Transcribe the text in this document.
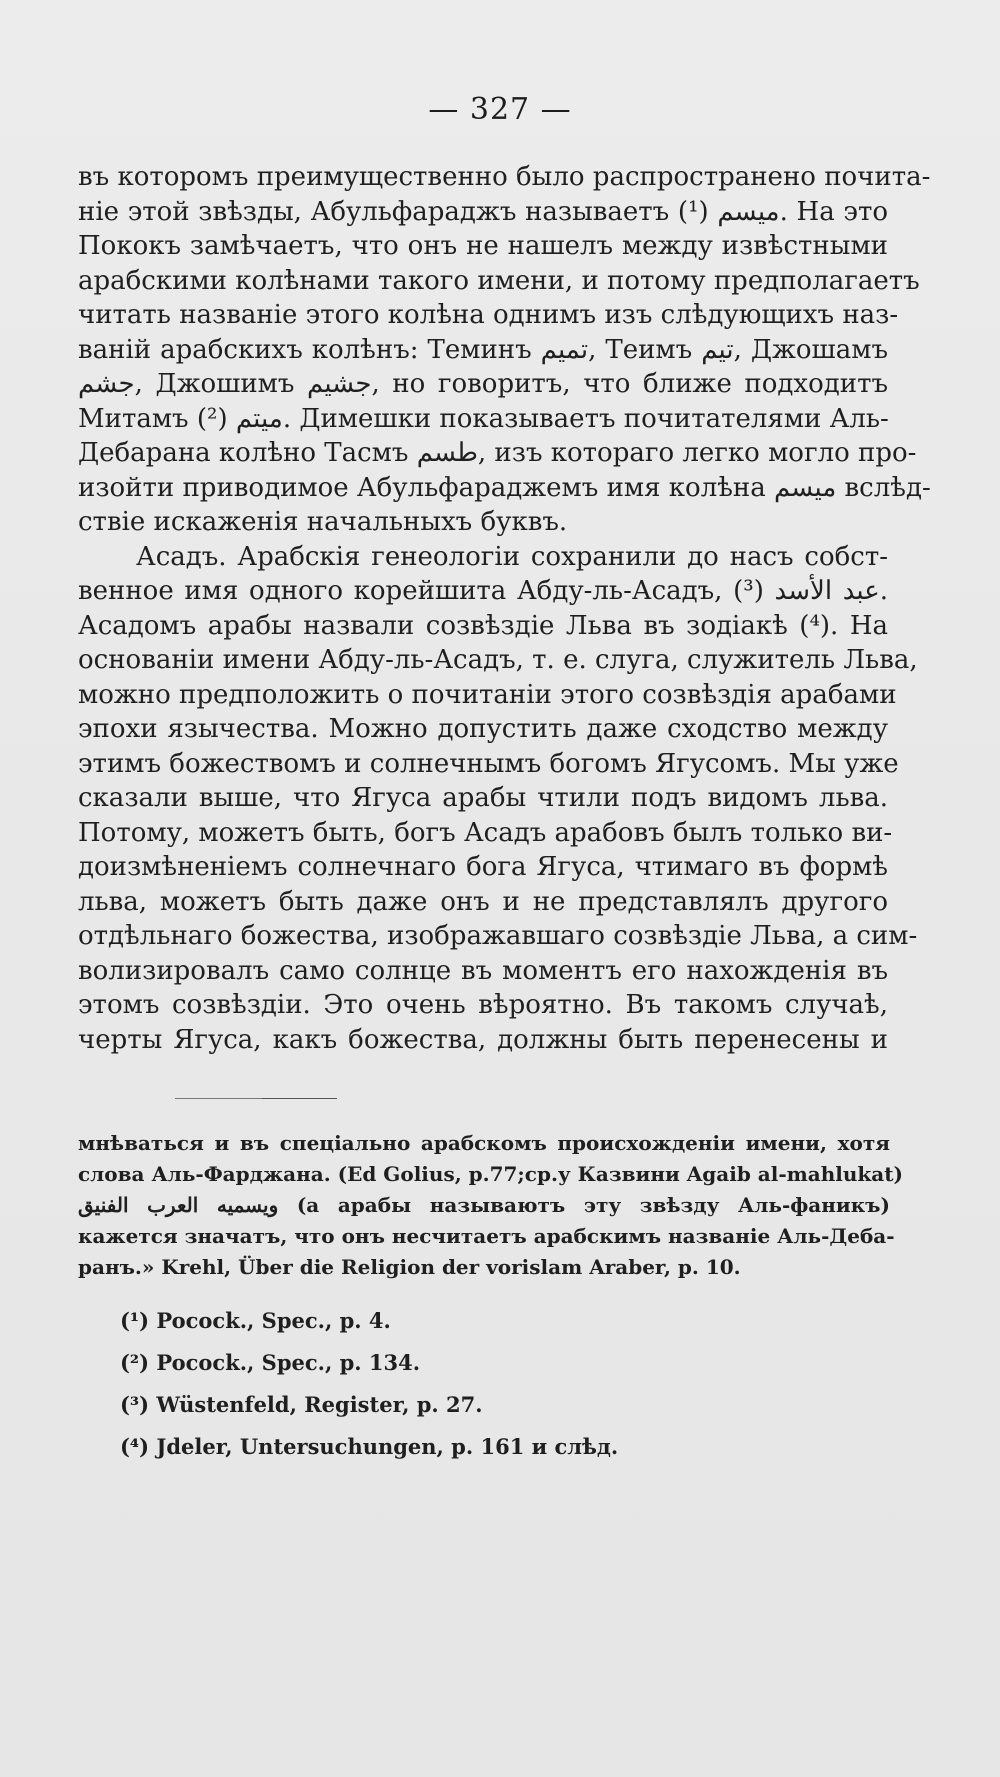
— 327 —
въ которомъ преимущественно было распространено почита-
ніе этой звѣзды, Абульфараджъ называетъ ميسم (¹). На это
Пококъ замѣчаетъ, что онъ не нашелъ между извѣстными
арабскими колѣнами такого имени, и потому предполагаетъ
читать названіе этого колѣна однимъ изъ слѣдующихъ наз-
ваній арабскихъ колѣнъ: Теминъ تميم, Теимъ تيم, Джошамъ
جشم, Джошимъ جشيم, но говоритъ, что ближе подходитъ
Митамъ ميتم (²). Димешки показываетъ почитателями Аль-
Дебарана колѣно Тасмъ طسم, изъ котораго легко могло про-
изойти приводимое Абульфараджемъ имя колѣна ميسم вслѣд-
ствіе искаженія начальныхъ буквъ.
Асадъ. Арабскія генеологіи сохранили до насъ собст-
венное имя одного корейшита Абду-ль-Асадъ, عبد الأسد (³).
Асадомъ арабы назвали созвѣздіе Льва въ зодіакѣ (⁴). На
основаніи имени Абду-ль-Асадъ, т. е. слуга, служитель Льва,
можно предположить о почитаніи этого созвѣздія арабами
эпохи язычества. Можно допустить даже сходство между
этимъ божествомъ и солнечнымъ богомъ Ягусомъ. Мы уже
сказали выше, что Ягуса арабы чтили подъ видомъ льва.
Потому, можетъ быть, богъ Асадъ арабовъ былъ только ви-
доизмѣненіемъ солнечнаго бога Ягуса, чтимаго въ формѣ
льва, можетъ быть даже онъ и не представлялъ другого
отдѣльнаго божества, изображавшаго созвѣздіе Льва, а сим-
волизировалъ само солнце въ моментъ его нахожденія въ
этомъ созвѣздіи. Это очень вѣроятно. Въ такомъ случаѣ,
черты Ягуса, какъ божества, должны быть перенесены и
мнѣваться и въ спеціально арабскомъ происхожденіи имени, хотя
слова Аль-Фарджана. (Ed Golius, p.77;ср.у Казвини Agaib al-mahlukat)
ويسميه العرب الفنيق (а арабы называютъ эту звѣзду Аль-фаникъ)
кажется значатъ, что онъ несчитаетъ арабскимъ названіе Аль-Деба-
ранъ.» Krehl, Über die Religion der vorislam Araber, p. 10.
(¹) Pocock., Spec., p. 4.
(²) Pocock., Spec., p. 134.
(³) Wüstenfeld, Register, p. 27.
(⁴) Jdeler, Untersuchungen, p. 161 и слѣд.
